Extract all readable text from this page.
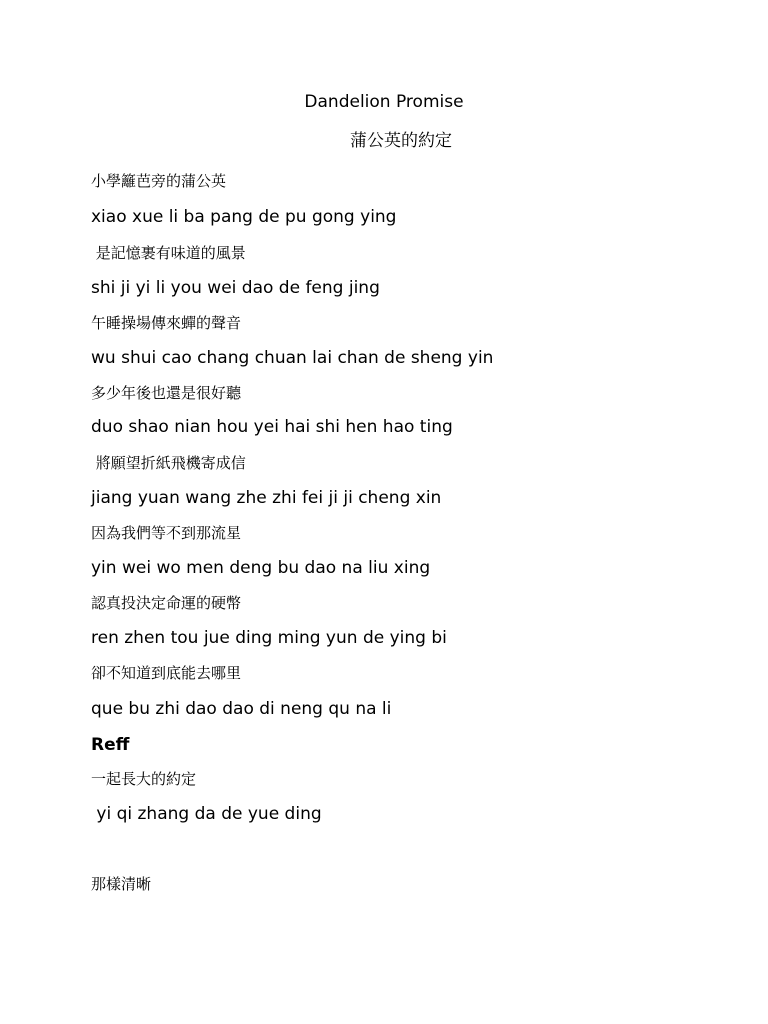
Dandelion Promise
蒲公英的約定
小學籬芭旁的蒲公英
xiao xue li ba pang de pu gong ying
是記憶裹有味道的風景
shi ji yi li you wei dao de feng jing
午睡操場傳來蟬的聲音
wu shui cao chang chuan lai chan de sheng yin
多少年後也還是很好聽
duo shao nian hou yei hai shi hen hao ting
將願望折紙飛機寄成信
jiang yuan wang zhe zhi fei ji ji cheng xin
因為我們等不到那流星
yin wei wo men deng bu dao na liu xing
認真投決定命運的硬幣
ren zhen tou jue ding ming yun de ying bi
卻不知道到底能去哪里
que bu zhi dao dao di neng qu na li
Reff
一起長大的約定
yi qi zhang da de yue ding
那樣清晰
